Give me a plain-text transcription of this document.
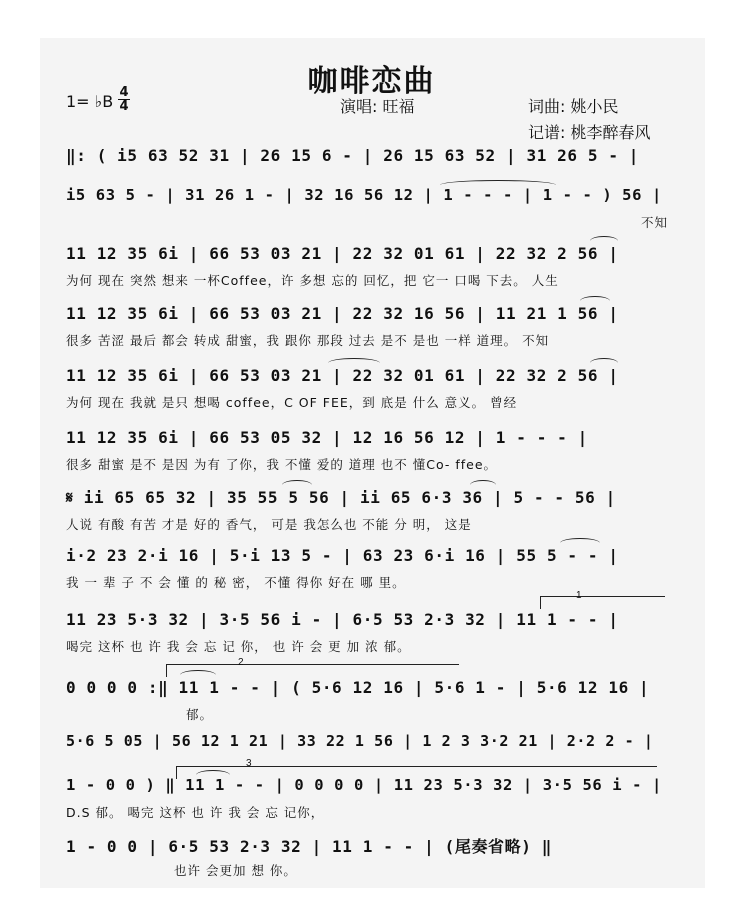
咖啡恋曲
1= ♭B $\frac{4}{4}$	演唱: 旺福	词曲: 姚小民
记谱: 桃李醉春风
‖: ( i5 63 52 31 | 26 15 6 - | 26 15 63 52 | 31 26 5 - |
i5 63 5 - | 31 26 1 - | 32 16 56 12 | 1 - - - | 1 - - ) 56 |
不知
11 12 35 6i | 66 53 03 21 | 22 32 01 61 | 22 32 2 56 |
为何 现在 突然 想来 一杯Coffee，许 多想 忘的 回忆，把 它一 口喝 下去。 人生
11 12 35 6i | 66 53 03 21 | 22 32 16 56 | 11 21 1 56 |
很多 苦涩 最后 都会 转成 甜蜜，我 跟你 那段 过去 是不 是也 一样 道理。 不知
11 12 35 6i | 66 53 03 21 | 22 32 01 61 | 22 32 2 56 |
为何 现在 我就 是只 想喝 coffee，C OF FEE，到 底是 什么 意义。 曾经
11 12 35 6i | 66 53 05 32 | 12 16 56 12 | 1 - - - |
很多 甜蜜 是不 是因 为有 了你，我 不懂 爱的 道理 也不 懂Co- ffee。
𝄋 ii 65 65 32 | 35 55 5 56 | ii 65 6·3 36 | 5 - - 56 |
人说 有酸 有苦 才是 好的 香气， 可是 我怎么也 不能 分 明， 这是
i·2 23 2·i 16 | 5·i 13 5 - | 63 23 6·i 16 | 55 5 - - |
我 一 辈 子 不 会 懂 的 秘 密， 不懂 得你 好在 哪 里。
11 23 5·3 32 | 3·5 56 i - | 6·5 53 2·3 32 | 11 1 - - |
喝完 这杯 也 许 我 会 忘 记 你， 也 许 会 更 加 浓 郁。
0 0 0 0 :‖ 11 1 - - | ( 5·6 12 16 | 5·6 1 - | 5·6 12 16 |
郁。
5·6 5 05 | 56 12 1 21 | 33 22 1 56 | 1 2 3 3·2 21 | 2·2 2 - |
1 - 0 0 ) ‖ 11 1 - - | 0 0 0 0 | 11 23 5·3 32 | 3·5 56 i - |
D.S 郁。 喝完 这杯 也 许 我 会 忘 记你，
1 - 0 0 | 6·5 53 2·3 32 | 11 1 - - | (尾奏省略) ‖
也许 会更加 想 你。
1
2
3
